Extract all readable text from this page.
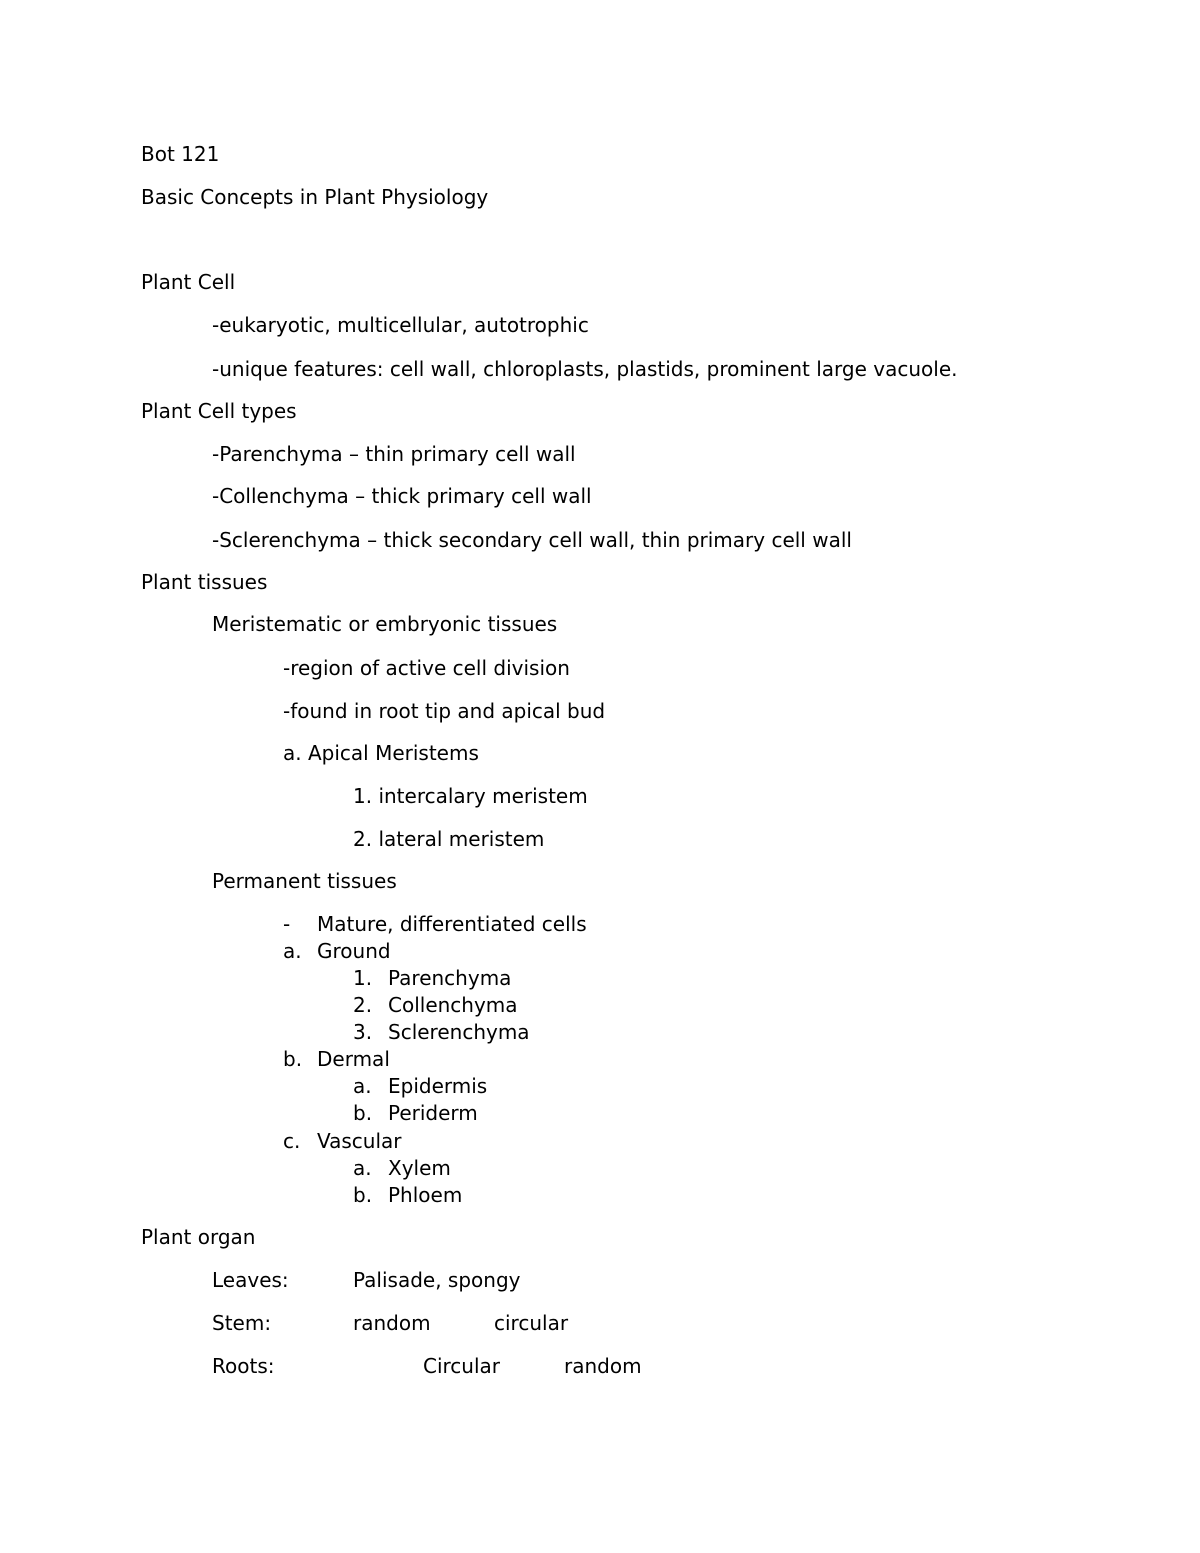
Bot 121

Basic Concepts in Plant Physiology

Plant Cell

-eukaryotic, multicellular, autotrophic

-unique features: cell wall, chloroplasts, plastids, prominent large vacuole.

Plant Cell types

-Parenchyma – thin primary cell wall

-Collenchyma – thick primary cell wall

-Sclerenchyma – thick secondary cell wall, thin primary cell wall

Plant tissues

Meristematic or embryonic tissues

-region of active cell division

-found in root tip and apical bud

a. Apical Meristems

1. intercalary meristem

2. lateral meristem

Permanent tissues

- Mature, differentiated cells

a. Ground

1. Parenchyma

2. Collenchyma

3. Sclerenchyma

b. Dermal

a. Epidermis

b. Periderm

c. Vascular

a. Xylem

b. Phloem

Plant organ

Leaves:	Palisade, spongy

Stem:	random	circular

Roots:	Circular	random
